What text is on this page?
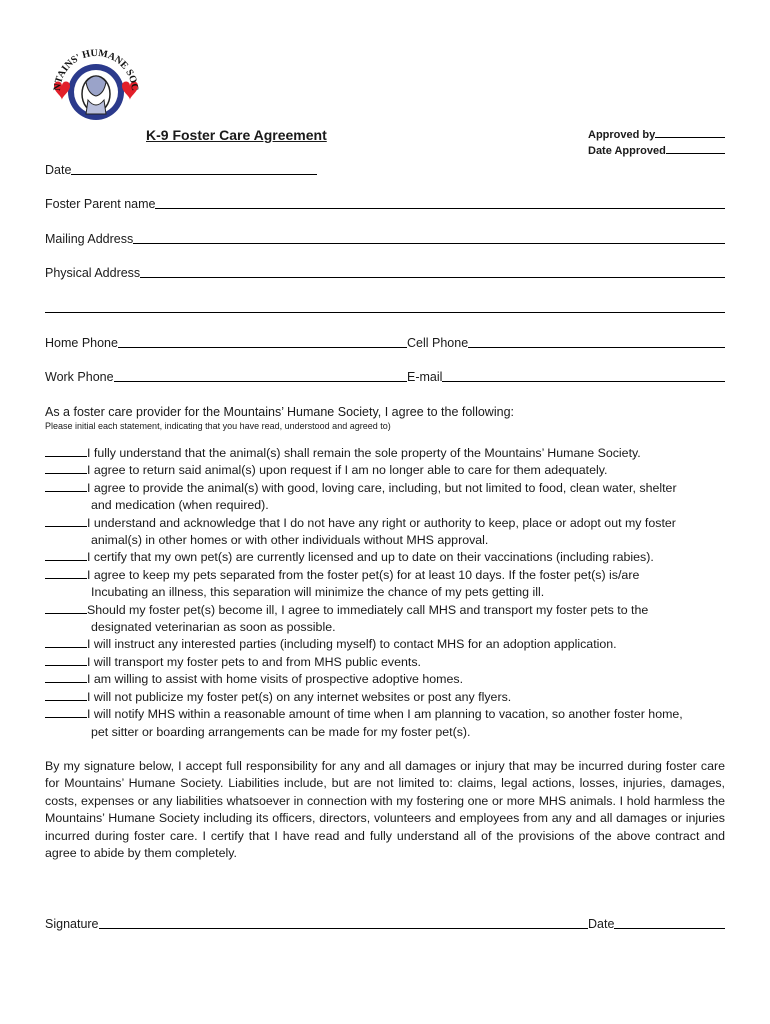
NTAINS' HUMANE SOC
K-9 Foster Care Agreement	Approved by
Date Approved
Date
Foster Parent name
Mailing Address
Physical Address
Home Phone	Cell Phone
Work Phone	E-mail
As a foster care provider for the Mountains’ Humane Society, I agree to the following:
Please initial each statement, indicating that you have read, understood and agreed to)
I fully understand that the animal(s) shall remain the sole property of the Mountains’ Humane Society.
I agree to return said animal(s) upon request if I am no longer able to care for them adequately.
I agree to provide the animal(s) with good, loving care, including, but not limited to food, clean water, shelter
and medication (when required).
I understand and acknowledge that I do not have any right or authority to keep, place or adopt out my foster
animal(s) in other homes or with other individuals without MHS approval.
I certify that my own pet(s) are currently licensed and up to date on their vaccinations (including rabies).
I agree to keep my pets separated from the foster pet(s) for at least 10 days. If the foster pet(s) is/are
Incubating an illness, this separation will minimize the chance of my pets getting ill.
Should my foster pet(s) become ill, I agree to immediately call MHS and transport my foster pets to the
designated veterinarian as soon as possible.
I will instruct any interested parties (including myself) to contact MHS for an adoption application.
I will transport my foster pets to and from MHS public events.
I am willing to assist with home visits of prospective adoptive homes.
I will not publicize my foster pet(s) on any internet websites or post any flyers.
I will notify MHS within a reasonable amount of time when I am planning to vacation, so another foster home,
pet sitter or boarding arrangements can be made for my foster pet(s).
By my signature below, I accept full responsibility for any and all damages or injury that may be incurred during foster care for Mountains’ Humane Society. Liabilities include, but are not limited to: claims, legal actions, losses, injuries, damages, costs, expenses or any liabilities whatsoever in connection with my fostering one or more MHS animals. I hold harmless the Mountains’ Humane Society including its officers, directors, volunteers and employees from any and all damages or injuries incurred during foster care. I certify that I have read and fully understand all of the provisions of the above contract and agree to abide by them completely.
Signature	Date
